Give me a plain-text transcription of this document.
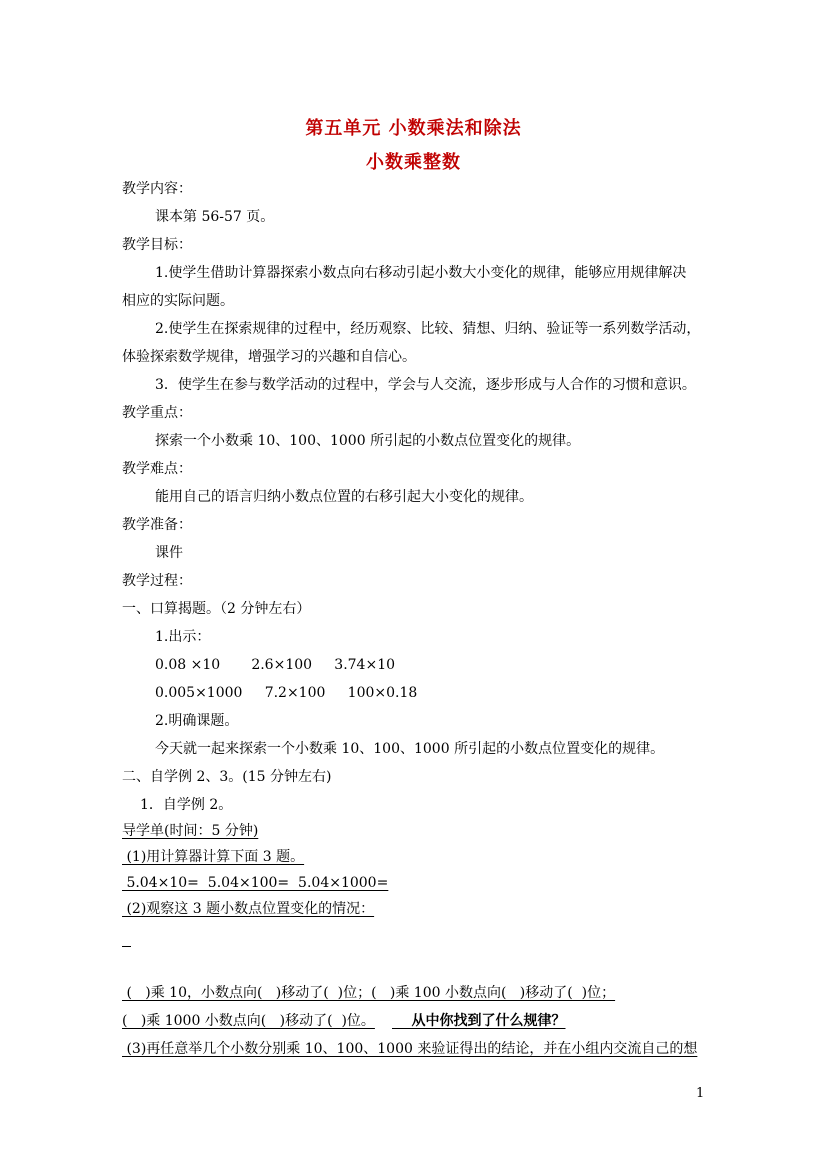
第五单元 小数乘法和除法
小数乘整数
教学内容：
课本第 56-57 页。
教学目标：
1.使学生借助计算器探索小数点向右移动引起小数大小变化的规律，能够应用规律解决
相应的实际问题。
2.使学生在探索规律的过程中，经历观察、比较、猜想、归纳、验证等一系列数学活动，
体验探索数学规律，增强学习的兴趣和自信心。
3．使学生在参与数学活动的过程中，学会与人交流，逐步形成与人合作的习惯和意识。
教学重点：
探索一个小数乘 10、100、1000 所引起的小数点位置变化的规律。
教学难点：
能用自己的语言归纳小数点位置的右移引起大小变化的规律。
教学准备：
课件
教学过程：
一、口算揭题。（2 分钟左右）
1.出示：
0.08 ×10       2.6×100     3.74×10
0.005×1000     7.2×100     100×0.18
2.明确课题。
今天就一起来探索一个小数乘 10、100、1000 所引起的小数点位置变化的规律。
二、自学例 2、3。(15 分钟左右)
1．自学例 2。
导学单(时间：5 分钟)
(1)用计算器计算下面 3 题。
5.04×10=  5.04×100=  5.04×1000=
(2)观察这 3 题小数点位置变化的情况：
(   )乘 10，小数点向(   )移动了(  )位；(   )乘 100 小数点向(   )移动了(  )位；
(   )乘 1000 小数点向(   )移动了(  )位。 从中你找到了什么规律？
(3)再任意举几个小数分别乘 10、100、1000 来验证得出的结论，并在小组内交流自己的想
1
